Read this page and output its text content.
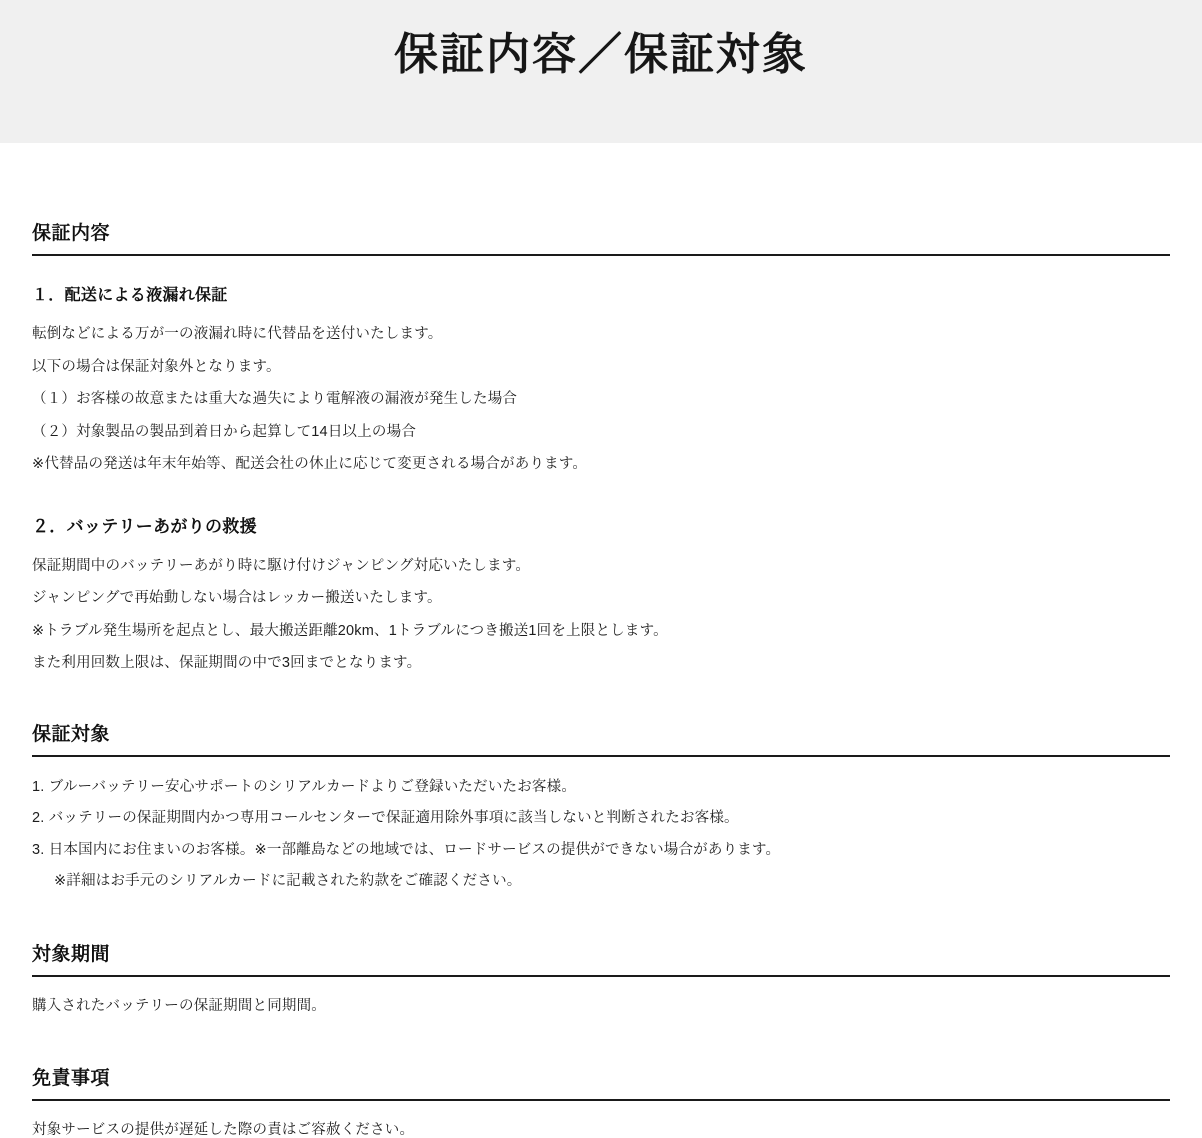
保証内容／保証対象
保証内容
１．配送による液漏れ保証

転倒などによる万が一の液漏れ時に代替品を送付いたします。

以下の場合は保証対象外となります。

（１）お客様の故意または重大な過失により電解液の漏液が発生した場合

（２）対象製品の製品到着日から起算して14日以上の場合

※代替品の発送は年末年始等、配送会社の休止に応じて変更される場合があります。

２．バッテリーあがりの救援

保証期間中のバッテリーあがり時に駆け付けジャンピング対応いたします。

ジャンピングで再始動しない場合はレッカー搬送いたします。

※トラブル発生場所を起点とし、最大搬送距離20km、1トラブルにつき搬送1回を上限とします。

また利用回数上限は、保証期間の中で3回までとなります。

保証対象

1. ブルーバッテリー安心サポートのシリアルカードよりご登録いただいたお客様。

2. バッテリーの保証期間内かつ専用コールセンターで保証適用除外事項に該当しないと判断されたお客様。

3. 日本国内にお住まいのお客様。※一部離島などの地域では、ロードサービスの提供ができない場合があります。

※詳細はお手元のシリアルカードに記載された約款をご確認ください。

対象期間

購入されたバッテリーの保証期間と同期間。

免責事項

対象サービスの提供が遅延した際の責はご容赦ください。
